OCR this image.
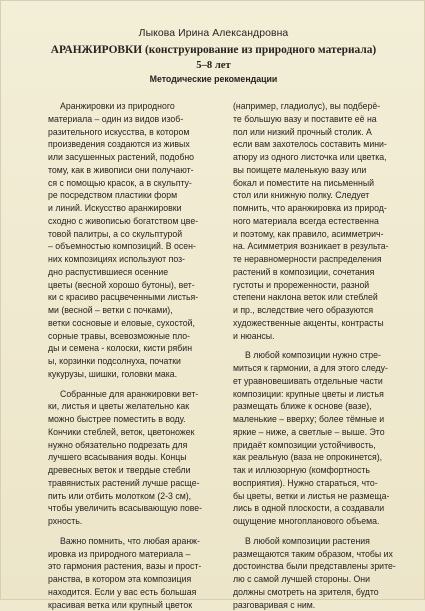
Лыкова Ирина Александровна
АРАНЖИРОВКИ (конструирование из природного материала)
5–8 лет
Методические рекомендации
Аранжировки из природного
материала – один из видов изоб-
разительного искусства, в котором
произведения создаются из живых
или засушенных растений, подобно
тому, как в живописи они получают-
ся с помощью красок, а в скульпту-
ре посредством пластики форм
и линий. Искусство аранжировки
сходно с живописью богатством цве-
товой палитры, а со скульптурой
– объемностью композиций. В осен-
них композициях используют поз-
дно распустившиеся осенние
цветы (весной хорошо бутоны), вет-
ки с красиво расцвеченными листья-
ми (весной – ветки с почками),
ветки сосновые и еловые, сухостой,
сорные травы, всевозможные пло-
ды и семена - колоски, кисти рябин
ы, корзинки подсолнуха, початки
кукурузы, шишки, головки мака.
Собранные для аранжировки вет-
ки, листья и цветы желательно как
можно быстрее поместить в воду.
Кончики стеблей, веток, цветоножек
нужно обязательно подрезать для
лучшего всасывания воды. Концы
древесных веток и твердые стебли
травянистых растений лучше расще-
пить или отбить молотком (2-3 см),
чтобы увеличить всасывающую пове-
рхность.
Важно помнить, что любая аранж-
ировка из природного материала –
это гармония растения, вазы и прост-
ранства, в котором эта композиция
находится. Если у вас есть большая
красивая ветка или крупный цветок
(например, гладиолус), вы подберё-
те большую вазу и поставите её на
пол или низкий прочный столик. А
если вам захотелось составить мини-
атюру из одного листочка или цветка,
вы поищете маленькую вазу или
бокал и поместите на письменный
стол или книжную полку. Следует
помнить, что аранжировка из природ-
ного материала всегда естественна
и поэтому, как правило, асимметрич-
на. Асимметрия возникает в результа-
те неравномерности распределения
растений в композиции, сочетания
густоты и прореженности, разной
степени наклона веток или стеблей
и пр., вследствие чего образуются
художественные акценты, контрасты
и нюансы.
В любой композиции нужно стре-
миться к гармонии, а для этого следу-
ет уравновешивать отдельные части
композиции: крупные цветы и листья
размещать ближе к основе (вазе),
маленькие – вверху; более тёмные и
яркие – ниже, а светлые – выше. Это
придаёт композиции устойчивость,
как реальную (ваза не опрокинется),
так и иллюзорную (комфортность
восприятия). Нужно стараться, что-
бы цветы, ветки и листья не размеща-
лись в одной плоскости, а создавали
ощущение многопланового объема.
В любой композиции растения
размещаются таким образом, чтобы их
достоинства были представлены зрите-
лю с самой лучшей стороны. Они
должны смотреть на зрителя, будто
разговаривая с ним.
